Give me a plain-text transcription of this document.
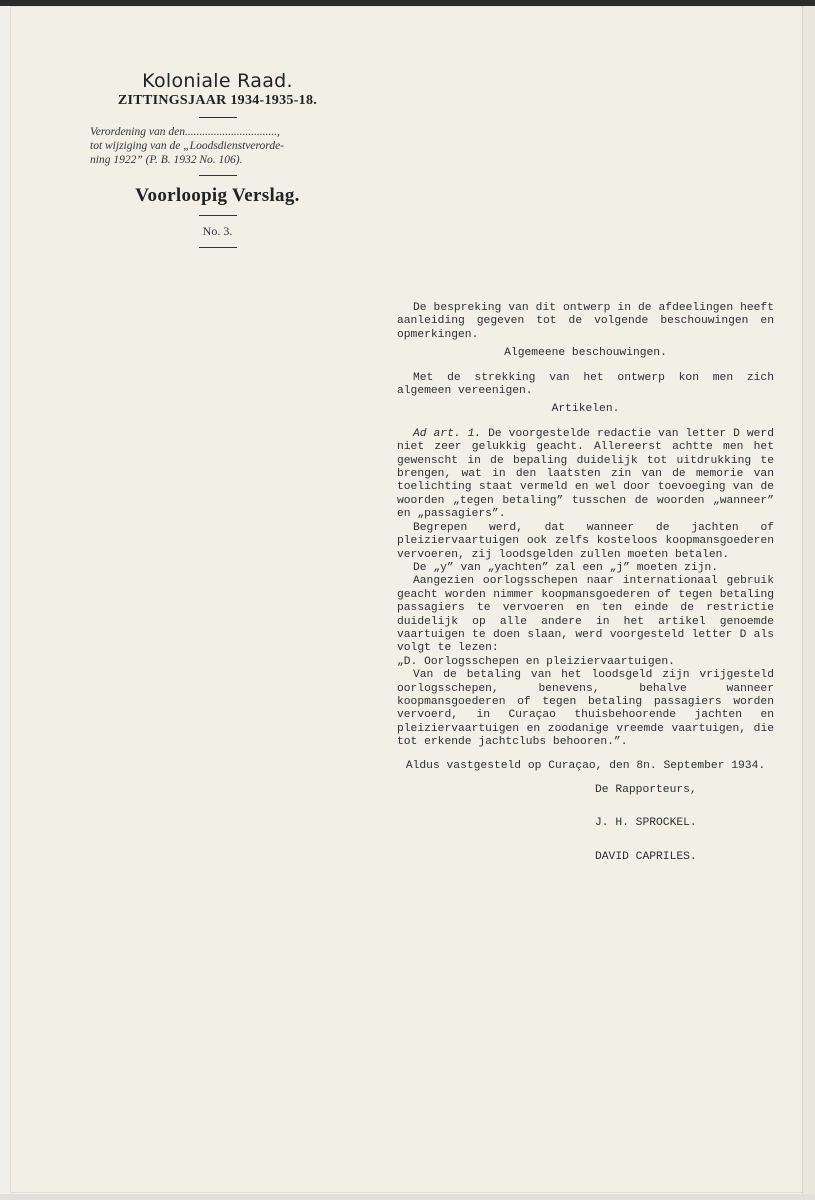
Koloniale Raad.
ZITTINGSJAAR 1934-1935-18.
Verordening van den................................,
tot wijziging van de „Loodsdienstverorde-
ning 1922” (P. B. 1932 No. 106).
Voorloopig Verslag.
No. 3.

De bespreking van dit ontwerp in de afdeelingen heeft aanleiding gegeven tot de volgende beschouwingen en opmerkingen.

Algemeene beschouwingen.

Met de strekking van het ontwerp kon men zich algemeen vereenigen.

Artikelen.

Ad art. 1. De voorgestelde redactie van letter D werd niet zeer gelukkig geacht. Allereerst achtte men het gewenscht in de bepaling duidelijk tot uitdrukking te brengen, wat in den laatsten zin van de memorie van toelichting staat vermeld en wel door toevoeging van de woorden „tegen betaling” tusschen de woorden „wanneer” en „passagiers”.

Begrepen werd, dat wanneer de jachten of pleiziervaartuigen ook zelfs kosteloos koopmansgoederen vervoeren, zij loodsgelden zullen moeten betalen.

De „y” van „yachten” zal een „j” moeten zijn.

Aangezien oorlogsschepen naar internationaal gebruik geacht worden nimmer koopmansgoederen of tegen betaling passagiers te vervoeren en ten einde de restrictie duidelijk op alle andere in het artikel genoemde vaartuigen te doen slaan, werd voorgesteld letter D als volgt te lezen:

„D. Oorlogsschepen en pleiziervaartuigen.

Van de betaling van het loodsgeld zijn vrijgesteld oorlogsschepen, benevens, behalve wanneer koopmansgoederen of tegen betaling passagiers worden vervoerd, in Curaçao thuisbehoorende jachten en pleiziervaartuigen en zoodanige vreemde vaartuigen, die tot erkende jachtclubs behooren.”.

Aldus vastgesteld op Curaçao, den 8n. September 1934.

De Rapporteurs,

J. H. SPROCKEL.

DAVID CAPRILES.
